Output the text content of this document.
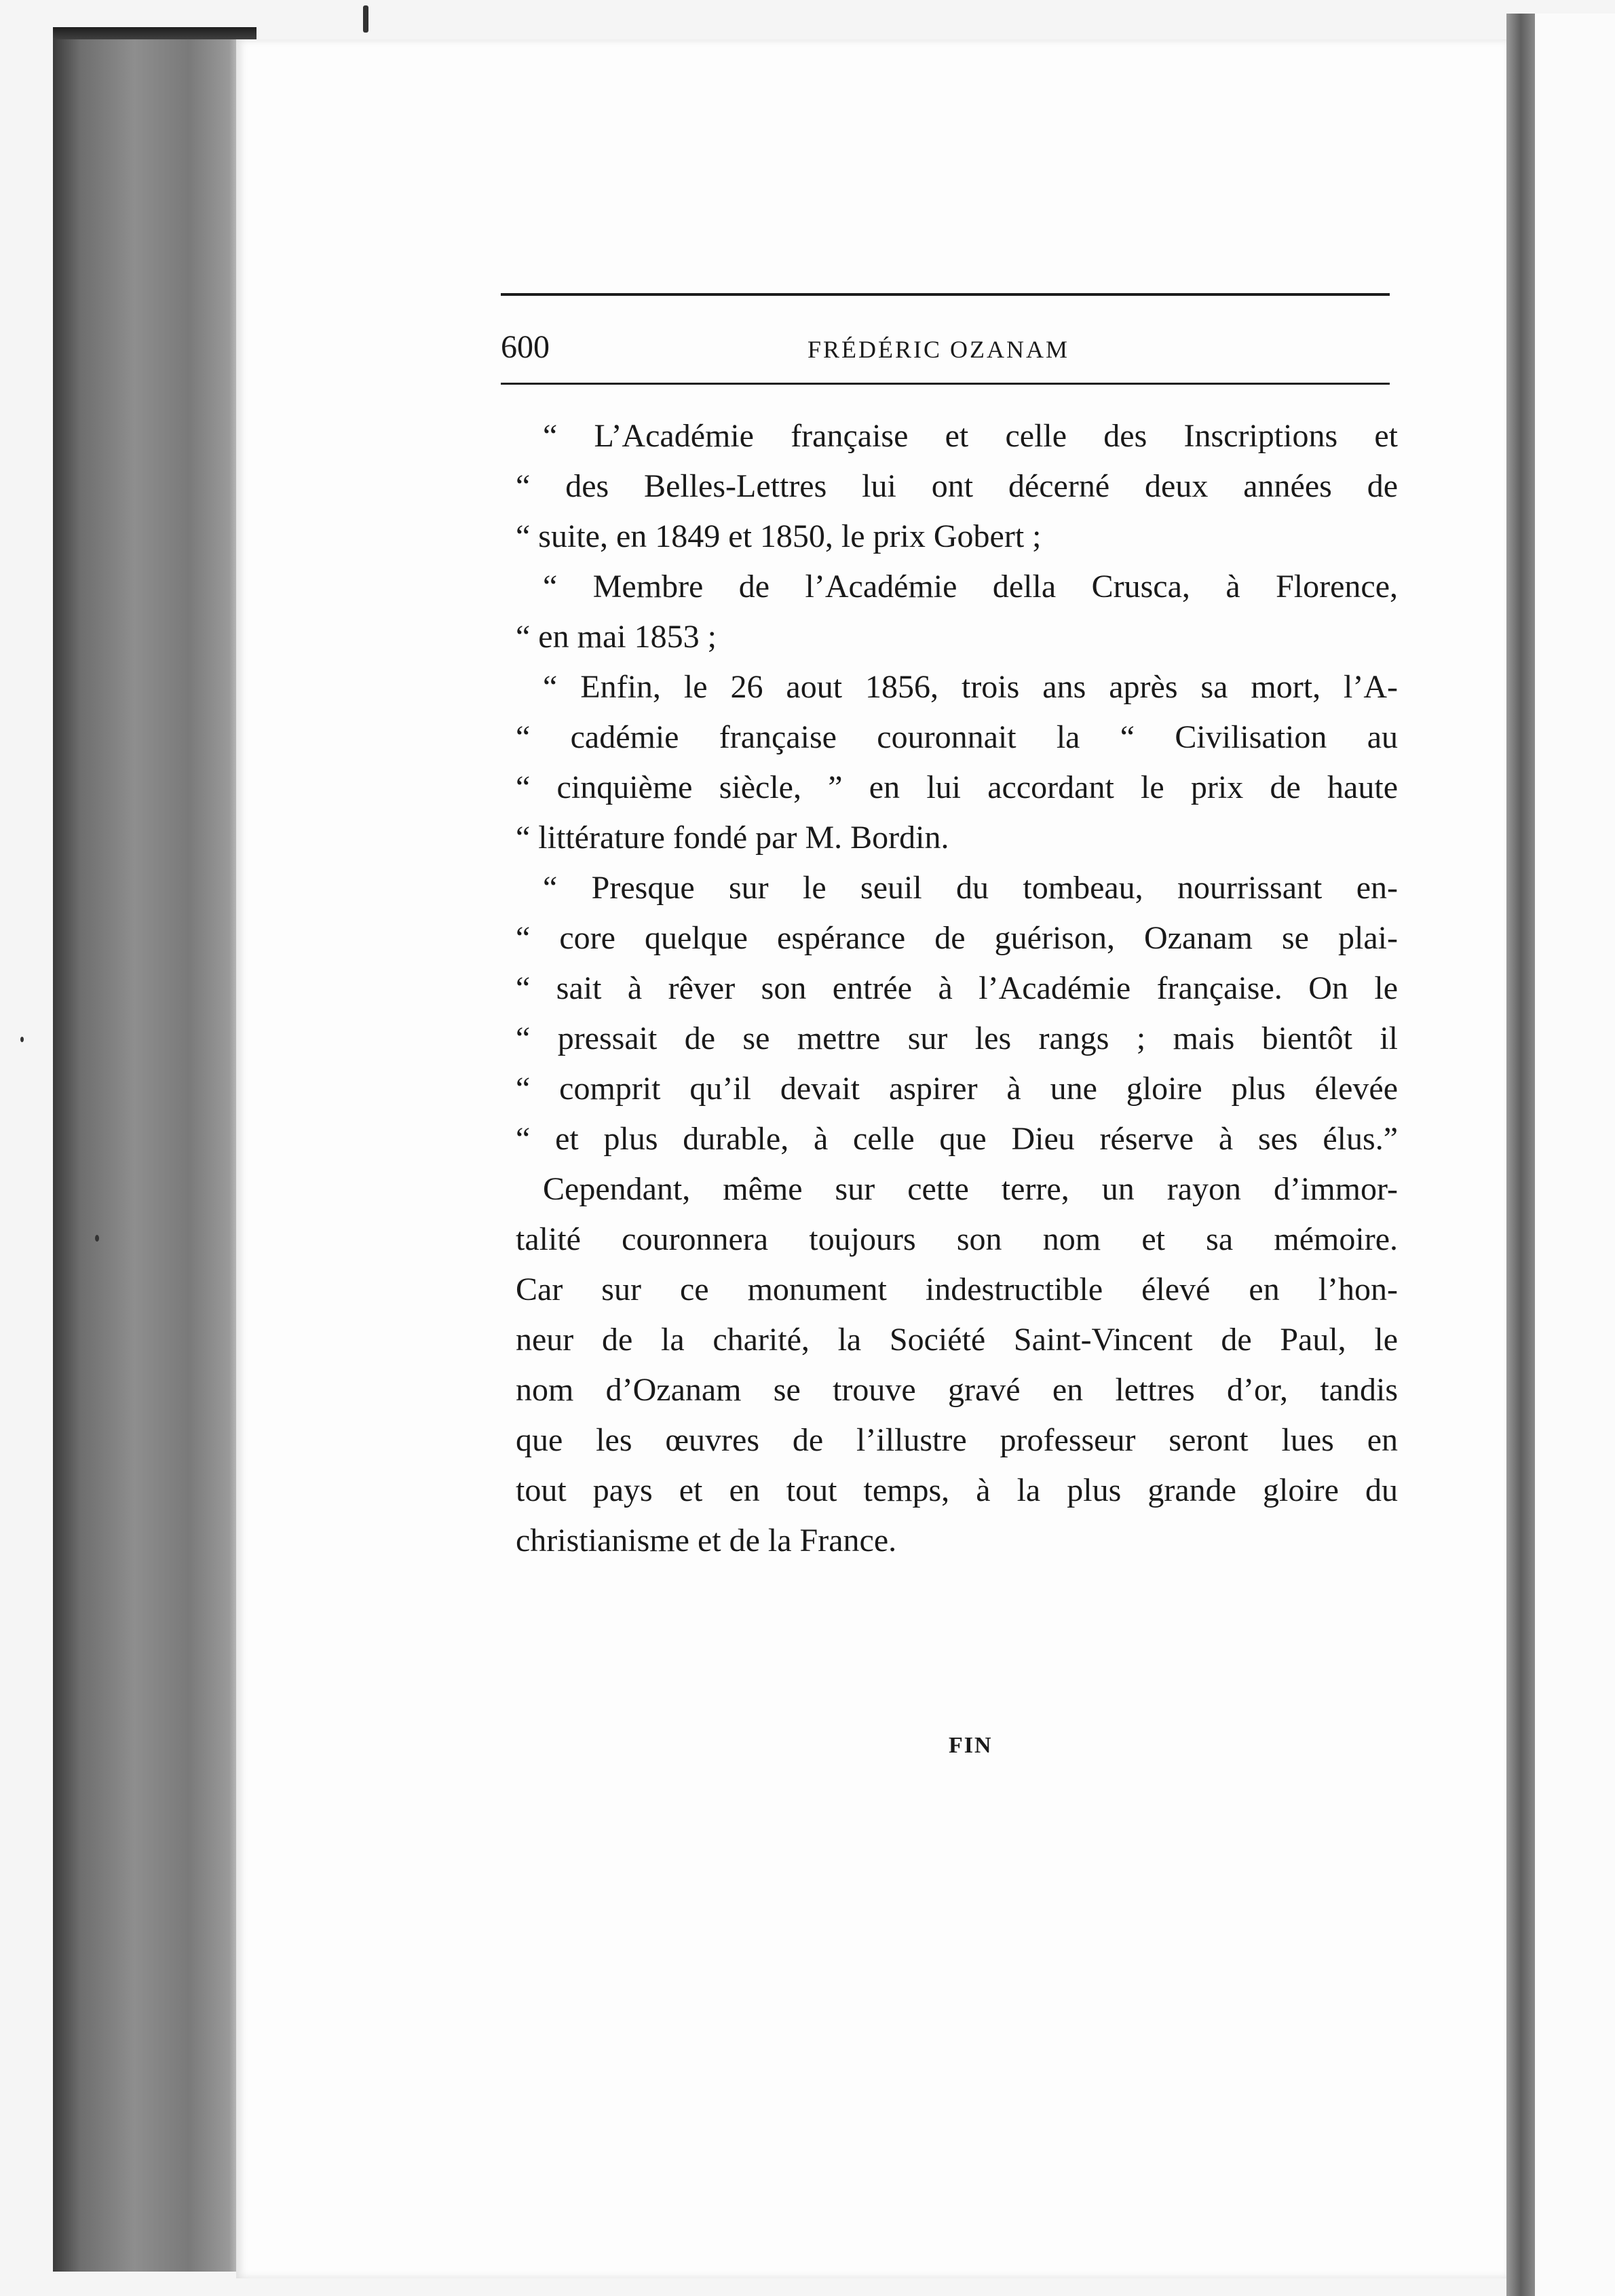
600	FRÉDÉRIC OZANAM
“ L’Académie française et celle des Inscriptions et
“ des Belles-Lettres lui ont décerné deux années de
“ suite, en 1849 et 1850, le prix Gobert ;
“ Membre de l’Académie della Crusca, à Florence,
“ en mai 1853 ;
“ Enfin, le 26 aout 1856, trois ans après sa mort, l’A-
“ cadémie française couronnait la “ Civilisation au
“ cinquième siècle, ” en lui accordant le prix de haute
“ littérature fondé par M. Bordin.
“ Presque sur le seuil du tombeau, nourrissant en-
“ core quelque espérance de guérison, Ozanam se plai-
“ sait à rêver son entrée à l’Académie française. On le
“ pressait de se mettre sur les rangs ; mais bientôt il
“ comprit qu’il devait aspirer à une gloire plus élevée
“ et plus durable, à celle que Dieu réserve à ses élus.”
Cependant, même sur cette terre, un rayon d’immor-
talité couronnera toujours son nom et sa mémoire.
Car sur ce monument indestructible élevé en l’hon-
neur de la charité, la Société Saint-Vincent de Paul, le
nom d’Ozanam se trouve gravé en lettres d’or, tandis
que les œuvres de l’illustre professeur seront lues en
tout pays et en tout temps, à la plus grande gloire du
christianisme et de la France.
FIN
